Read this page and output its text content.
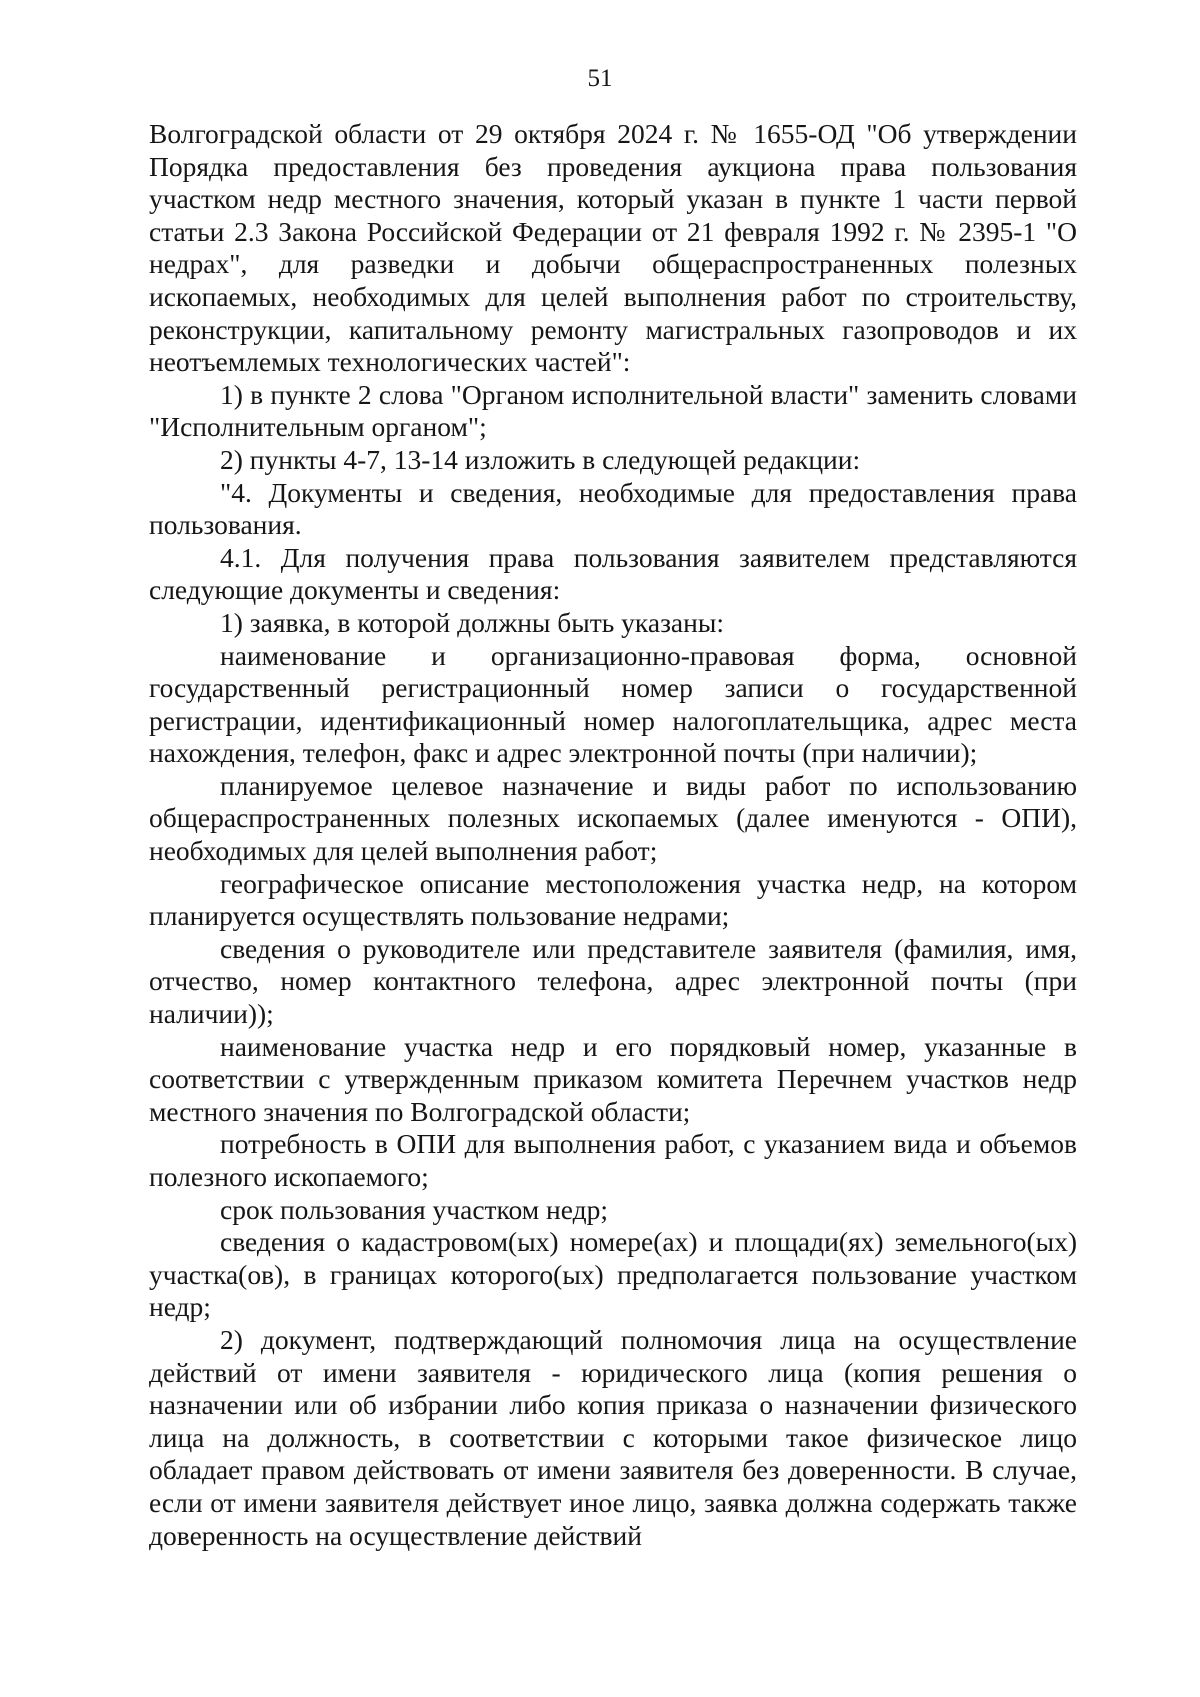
51

Волгоградской области от 29 октября 2024 г. № 1655-ОД "Об утверждении Порядка предоставления без проведения аукциона права пользования участком недр местного значения, который указан в пункте 1 части первой статьи 2.3 Закона Российской Федерации от 21 февраля 1992 г. № 2395-1 "О недрах", для разведки и добычи общераспространенных полезных ископаемых, необходимых для целей выполнения работ по строительству, реконструкции, капитальному ремонту магистральных газопроводов и их неотъемлемых технологических частей":

1) в пункте 2 слова "Органом исполнительной власти" заменить словами "Исполнительным органом";

2) пункты 4-7, 13-14 изложить в следующей редакции:

"4. Документы и сведения, необходимые для предоставления права пользования.

4.1. Для получения права пользования заявителем представляются следующие документы и сведения:

1) заявка, в которой должны быть указаны:

наименование и организационно-правовая форма, основной государственный регистрационный номер записи о государственной регистрации, идентификационный номер налогоплательщика, адрес места нахождения, телефон, факс и адрес электронной почты (при наличии);

планируемое целевое назначение и виды работ по использованию общераспространенных полезных ископаемых (далее именуются - ОПИ), необходимых для целей выполнения работ;

географическое описание местоположения участка недр, на котором планируется осуществлять пользование недрами;

сведения о руководителе или представителе заявителя (фамилия, имя, отчество, номер контактного телефона, адрес электронной почты (при наличии));

наименование участка недр и его порядковый номер, указанные в соответствии с утвержденным приказом комитета Перечнем участков недр местного значения по Волгоградской области;

потребность в ОПИ для выполнения работ, с указанием вида и объемов полезного ископаемого;

срок пользования участком недр;

сведения о кадастровом(ых) номере(ах) и площади(ях) земельного(ых) участка(ов), в границах которого(ых) предполагается пользование участком недр;

2) документ, подтверждающий полномочия лица на осуществление действий от имени заявителя - юридического лица (копия решения о назначении или об избрании либо копия приказа о назначении физического лица на должность, в соответствии с которыми такое физическое лицо обладает правом действовать от имени заявителя без доверенности. В случае, если от имени заявителя действует иное лицо, заявка должна содержать также доверенность на осуществление действий
